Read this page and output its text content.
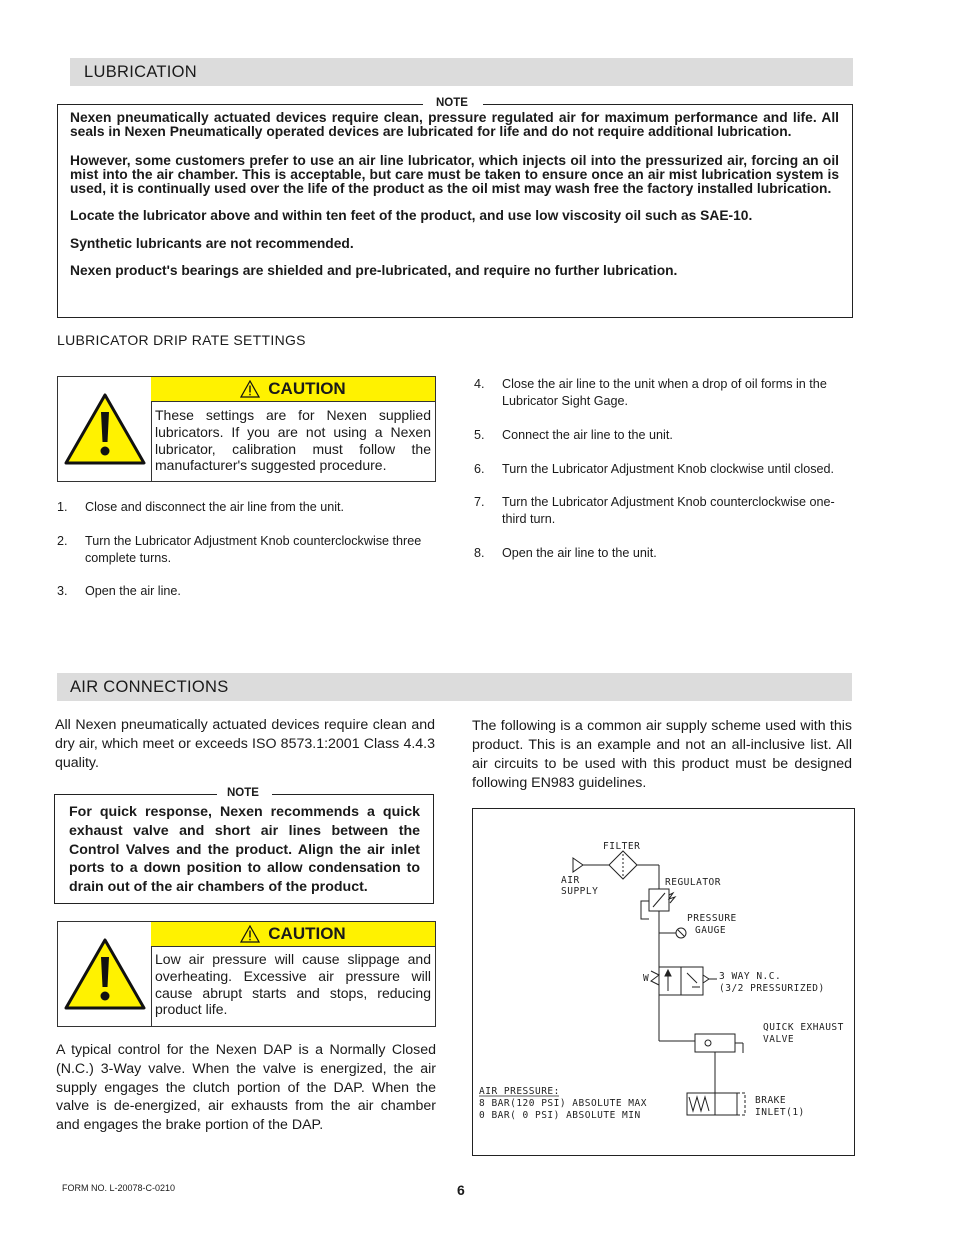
LUBRICATION
NOTE

Nexen pneumatically actuated devices require clean, pressure regulated air for maximum performance and life. All seals in Nexen Pneumatically operated devices are lubricated for life and do not require additional lubrication.

However, some customers prefer to use an air line lubricator, which injects oil into the pressurized air, forcing an oil mist into the air chamber. This is acceptable, but care must be taken to ensure once an air mist lubrication system is used, it is continually used over the life of the product as the oil mist may wash free the factory installed lubrication.

Locate the lubricator above and within ten feet of the product, and use low viscosity oil such as SAE-10.

Synthetic lubricants are not recommended.

Nexen product's bearings are shielded and pre-lubricated, and require no further lubrication.

LUBRICATOR DRIP RATE SETTINGS
CAUTION
These settings are for Nexen supplied lubricators. If you are not using a Nexen lubricator, calibration must follow the manufacturer's suggested procedure.
1. Close and disconnect the air line from the unit.
2. Turn the Lubricator Adjustment Knob counterclockwise three complete turns.
3. Open the air line.
4. Close the air line to the unit when a drop of oil forms in the Lubricator Sight Gage.
5. Connect the air line to the unit.
6. Turn the Lubricator Adjustment Knob clockwise until closed.
7. Turn the Lubricator Adjustment Knob counterclockwise one-third turn.
8. Open the air line to the unit.
AIR CONNECTIONS

All Nexen pneumatically actuated devices require clean and dry air, which meet or exceeds ISO 8573.1:2001 Class 4.4.3 quality.

NOTE

For quick response, Nexen recommends a quick exhaust valve and short air lines between the Control Valves and the product. Align the air inlet ports to a down position to allow condensation to drain out of the air chambers of the product.

CAUTION
Low air pressure will cause slippage and overheating. Excessive air pressure will cause abrupt starts and stops, reducing product life.

A typical control for the Nexen DAP is a Normally Closed (N.C.) 3-Way valve. When the valve is energized, the air supply engages the clutch portion of the DAP. When the valve is de-energized, air exhausts from the air chamber and engages the brake portion of the DAP.

The following is a common air supply scheme used with this product. This is an example and not an all-inclusive list. All air circuits to be used with this product must be designed following EN983 guidelines.

FILTER
AIR
SUPPLY
REGULATOR
PRESSURE
GAUGE
W	3 WAY N.C.
(3/2 PRESSURIZED)
QUICK EXHAUST
VALVE
AIR PRESSURE:
8 BAR(120 PSI) ABSOLUTE MAX
0 BAR( 0 PSI) ABSOLUTE MIN
BRAKE
INLET(1)
FORM NO. L-20078-C-0210	6
